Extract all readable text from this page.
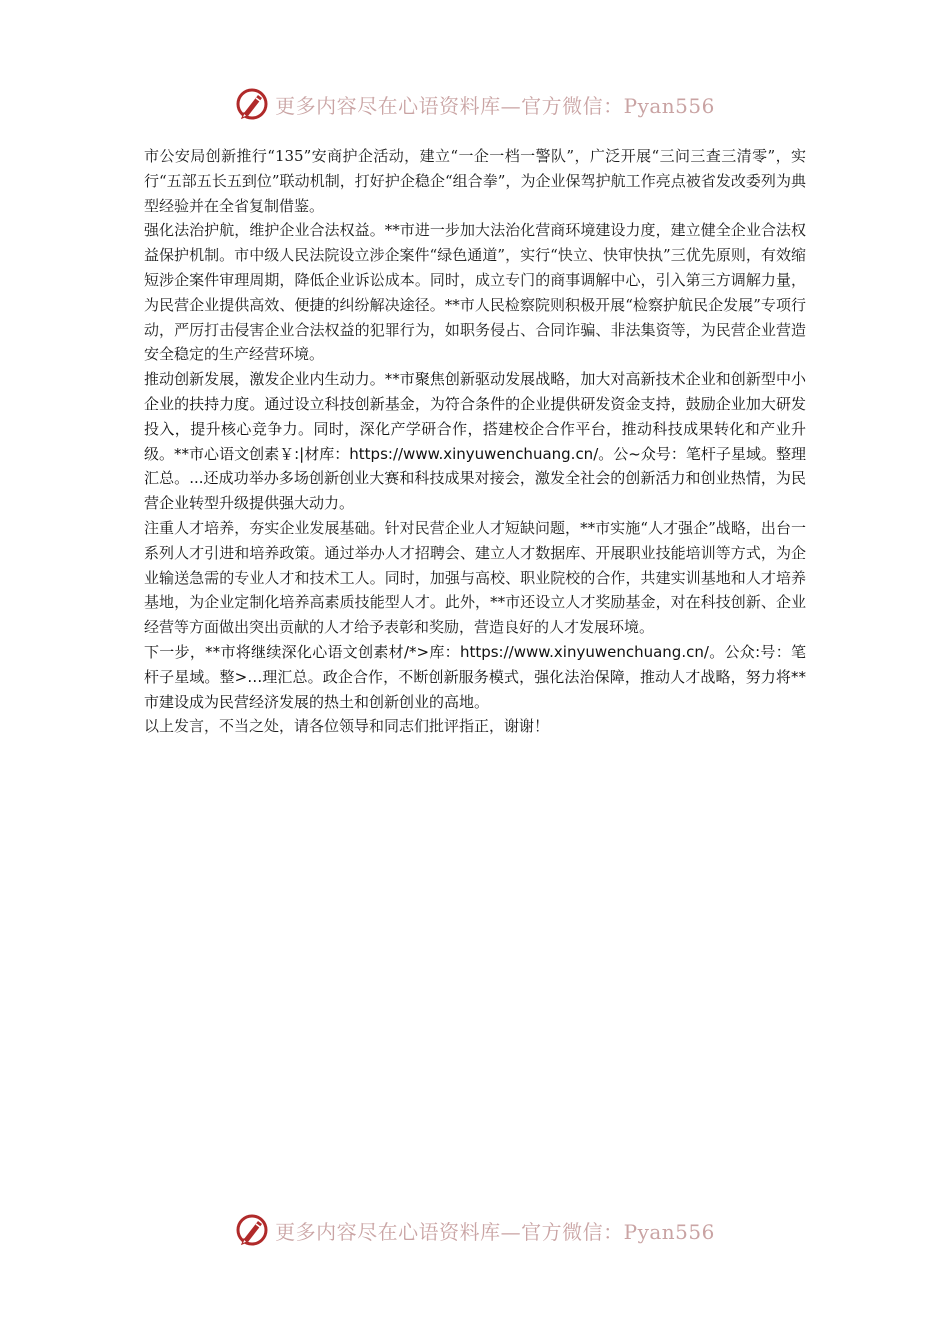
更多内容尽在心语资料库—官方微信：Pyan556

市公安局创新推行“135”安商护企活动，建立“一企一档一警队”，广泛开展“三问三查三清零”，实行“五部五长五到位”联动机制，打好护企稳企“组合拳”，为企业保驾护航工作亮点被省发改委列为典型经验并在全省复制借鉴。

强化法治护航，维护企业合法权益。**市进一步加大法治化营商环境建设力度，建立健全企业合法权益保护机制。市中级人民法院设立涉企案件“绿色通道”，实行“快立、快审快执”三优先原则，有效缩短涉企案件审理周期，降低企业诉讼成本。同时，成立专门的商事调解中心，引入第三方调解力量，为民营企业提供高效、便捷的纠纷解决途径。**市人民检察院则积极开展“检察护航民企发展”专项行动，严厉打击侵害企业合法权益的犯罪行为，如职务侵占、合同诈骗、非法集资等，为民营企业营造安全稳定的生产经营环境。

推动创新发展，激发企业内生动力。**市聚焦创新驱动发展战略，加大对高新技术企业和创新型中小企业的扶持力度。通过设立科技创新基金，为符合条件的企业提供研发资金支持，鼓励企业加大研发投入，提升核心竞争力。同时，深化产学研合作，搭建校企合作平台，推动科技成果转化和产业升级。**市心语文创素￥:|材库：https://www.xinyuwenchuang.cn/。公~众号：笔杆子星域。整理汇总。...还成功举办多场创新创业大赛和科技成果对接会，激发全社会的创新活力和创业热情，为民营企业转型升级提供强大动力。

注重人才培养，夯实企业发展基础。针对民营企业人才短缺问题，**市实施“人才强企”战略，出台一系列人才引进和培养政策。通过举办人才招聘会、建立人才数据库、开展职业技能培训等方式，为企业输送急需的专业人才和技术工人。同时，加强与高校、职业院校的合作，共建实训基地和人才培养基地，为企业定制化培养高素质技能型人才。此外，**市还设立人才奖励基金，对在科技创新、企业经营等方面做出突出贡献的人才给予表彰和奖励，营造良好的人才发展环境。

下一步，**市将继续深化心语文创素材/*>库：https://www.xinyuwenchuang.cn/。公众:号：笔杆子星域。整>…理汇总。政企合作，不断创新服务模式，强化法治保障，推动人才战略，努力将**市建设成为民营经济发展的热土和创新创业的高地。

以上发言，不当之处，请各位领导和同志们批评指正，谢谢！

更多内容尽在心语资料库—官方微信：Pyan556
